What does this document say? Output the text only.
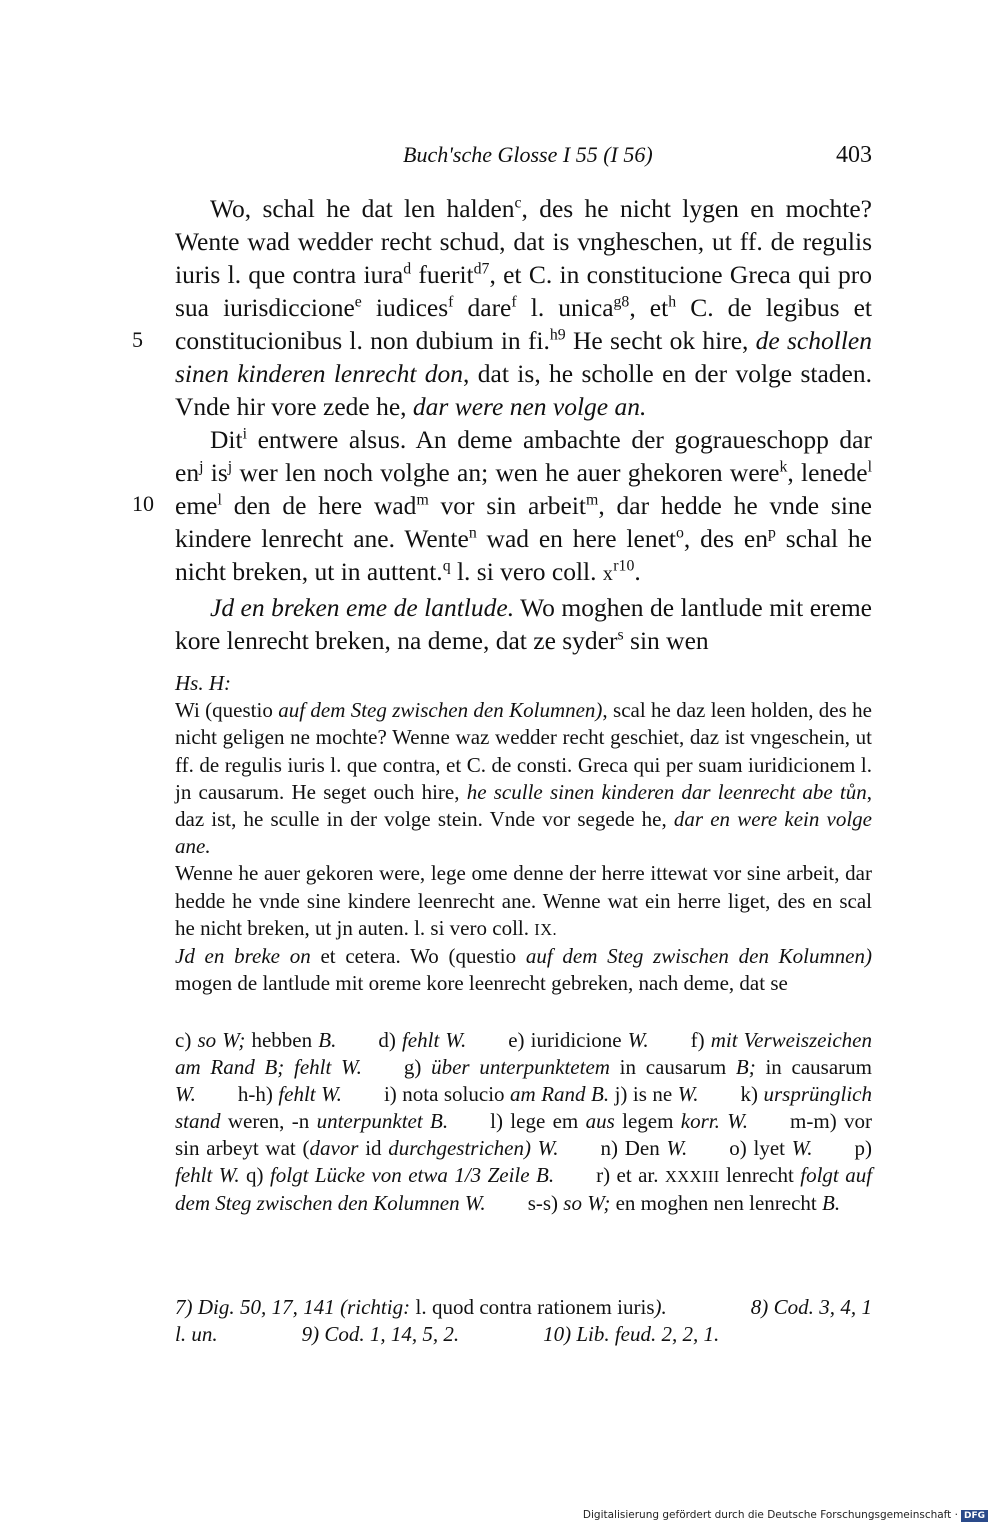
Buch'sche Glosse I 55 (I 56)	403
5
10

Wo, schal he dat len halden$^c$, des he nicht lygen en mochte? Wente wad wedder recht schud, dat is vngheschen, ut ff. de regulis iuris l. que contra iura$^d$ fuerit$^{d7}$, et C. in constitucione Greca qui pro sua iurisdiccione$^e$ iudices$^f$ dare$^f$ l. unica$^{g8}$, $et^h$ C. de legibus et constitucionibus l. non dubium in fi.$^{h9}$ He secht ok hire, de schollen sinen kinderen lenrecht don, dat is, he scholle en der volge staden. Vnde hir vore zede he, dar were nen volge an.

Dit$^i$ entwere alsus. An deme ambachte der gograueschopp dar $en^j$ $is^j$ wer len noch volghe an; wen he auer ghekoren were$^k$, lenede$^l$ eme$^l$ den de here wad$^m$ vor sin arbeit$^m$, dar hedde he vnde sine kindere lenrecht ane. Wente$^n$ wad en here lenet$^o$, des $en^p$ schal he nicht breken, ut in auttent.$^q$ l. si vero coll. $x^{r10}$.

Jd en breken eme de lantlude. Wo moghen de lantlude mit ereme kore lenrecht breken, na deme, dat ze syder$^s$ sin wen

Hs. H:

Wi (questio auf dem Steg zwischen den Kolumnen), scal he daz leen holden, des he nicht geligen ne mochte? Wenne waz wedder recht geschiet, daz ist vngeschein, ut ff. de regulis iuris l. que contra, et C. de consti. Greca qui per suam iuridicionem l. jn causarum. He seget ouch hire, he sculle sinen kinderen dar leenrecht abe tůn, daz ist, he sculle in der volge stein. Vnde vor segede he, dar en were kein volge ane.

Wenne he auer gekoren were, lege ome denne der herre ittewat vor sine arbeit, dar hedde he vnde sine kindere leenrecht ane. Wenne wat ein herre liget, des en scal he nicht breken, ut jn auten. l. si vero coll. IX.

Jd en breke on et cetera. Wo (questio auf dem Steg zwischen den Kolumnen) mogen de lantlude mit oreme kore leenrecht gebreken, nach deme, dat se

c) so W; hebben B.   d) fehlt W.   e) iuridicione W.   f) mit Verweiszeichen am Rand B; fehlt W.   g) über unterpunktetem in causarum B; in causarum W.   h-h) fehlt W.   i) nota solucio am Rand B. j) is ne W.   k) ursprünglich stand weren, -n unterpunktet B.   l) lege em aus legem korr. W.   m-m) vor sin arbeyt wat (davor id durchgestrichen) W.   n) Den W.   o) lyet W.   p) fehlt W. q) folgt Lücke von etwa 1/3 Zeile B.   r) et ar. XXXIII lenrecht folgt auf dem Steg zwischen den Kolumnen W.   s-s) so W; en moghen nen lenrecht B.

7) Dig. 50, 17, 141 (richtig: l. quod contra rationem iuris).    	8) Cod. 3, 4, 1 l. un.    	9) Cod. 1, 14, 5, 2.    	10) Lib. feud. 2, 2, 1.

Digitalisierung gefördert durch die Deutsche Forschungsgemeinschaft · DFG
